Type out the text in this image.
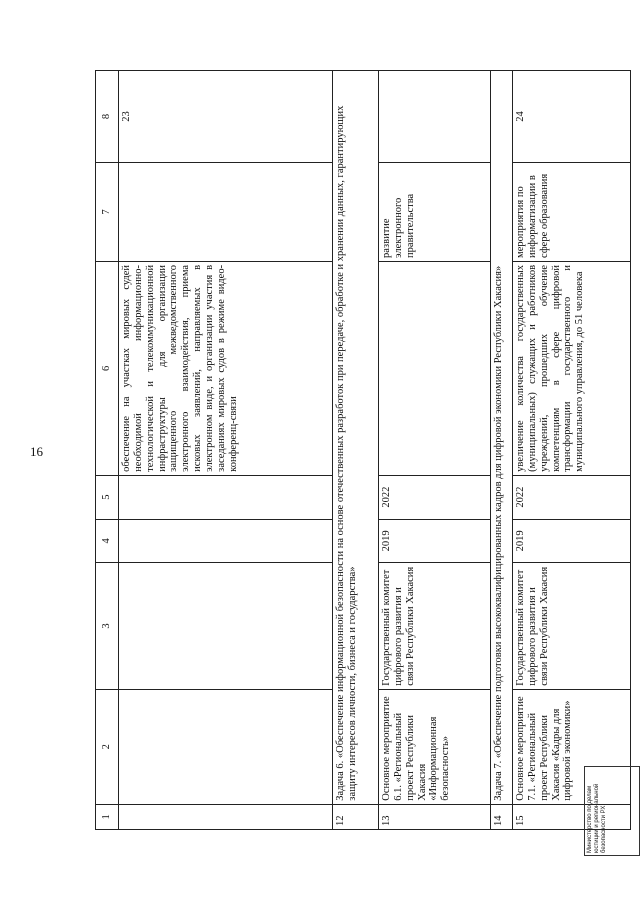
16
1	2	3	4	5	6	7	8
					обеспечение на участках мировых судей необходимой информационно-технологической и телекоммуникационной инфраструктуры для организации защищенного межведомственного электронного взаимодействия, приема исковых заявлений, направляемых в электронном виде, и организации участия в заседаниях мировых судов в режиме видео-конференц-связи		23
12	Задача 6. «Обеспечение информационной безопасности на основе отечественных разработок при передаче, обработке и хранении данных, гарантирующих защиту интересов личности, бизнеса и государства»						
13	Основное мероприятие 6.1. «Региональный проект Республики Хакасия «Информационная безопасность»	Государственный комитет цифрового развития и связи Республики Хакасия	2019	2022		развитие электронного правительства	
14	Задача 7. «Обеспечение подготовки высококвалифицированных кадров для цифровой экономики Республики Хакасия»						
15	Основное мероприятие 7.1. «Региональный проект Республики Хакасия «Кадры для цифровой экономики»	Государственный комитет цифрового развития и связи Республики Хакасия	2019	2022	увеличение количества государственных (муниципальных) служащих и работников учреждений, прошедших обучение компетенциям в сфере цифровой трансформации государственного и муниципального управления, до 51 человека	мероприятия по информатизации в сфере образования	24
Министерство по делам юстиции и региональной безопасности РХ
